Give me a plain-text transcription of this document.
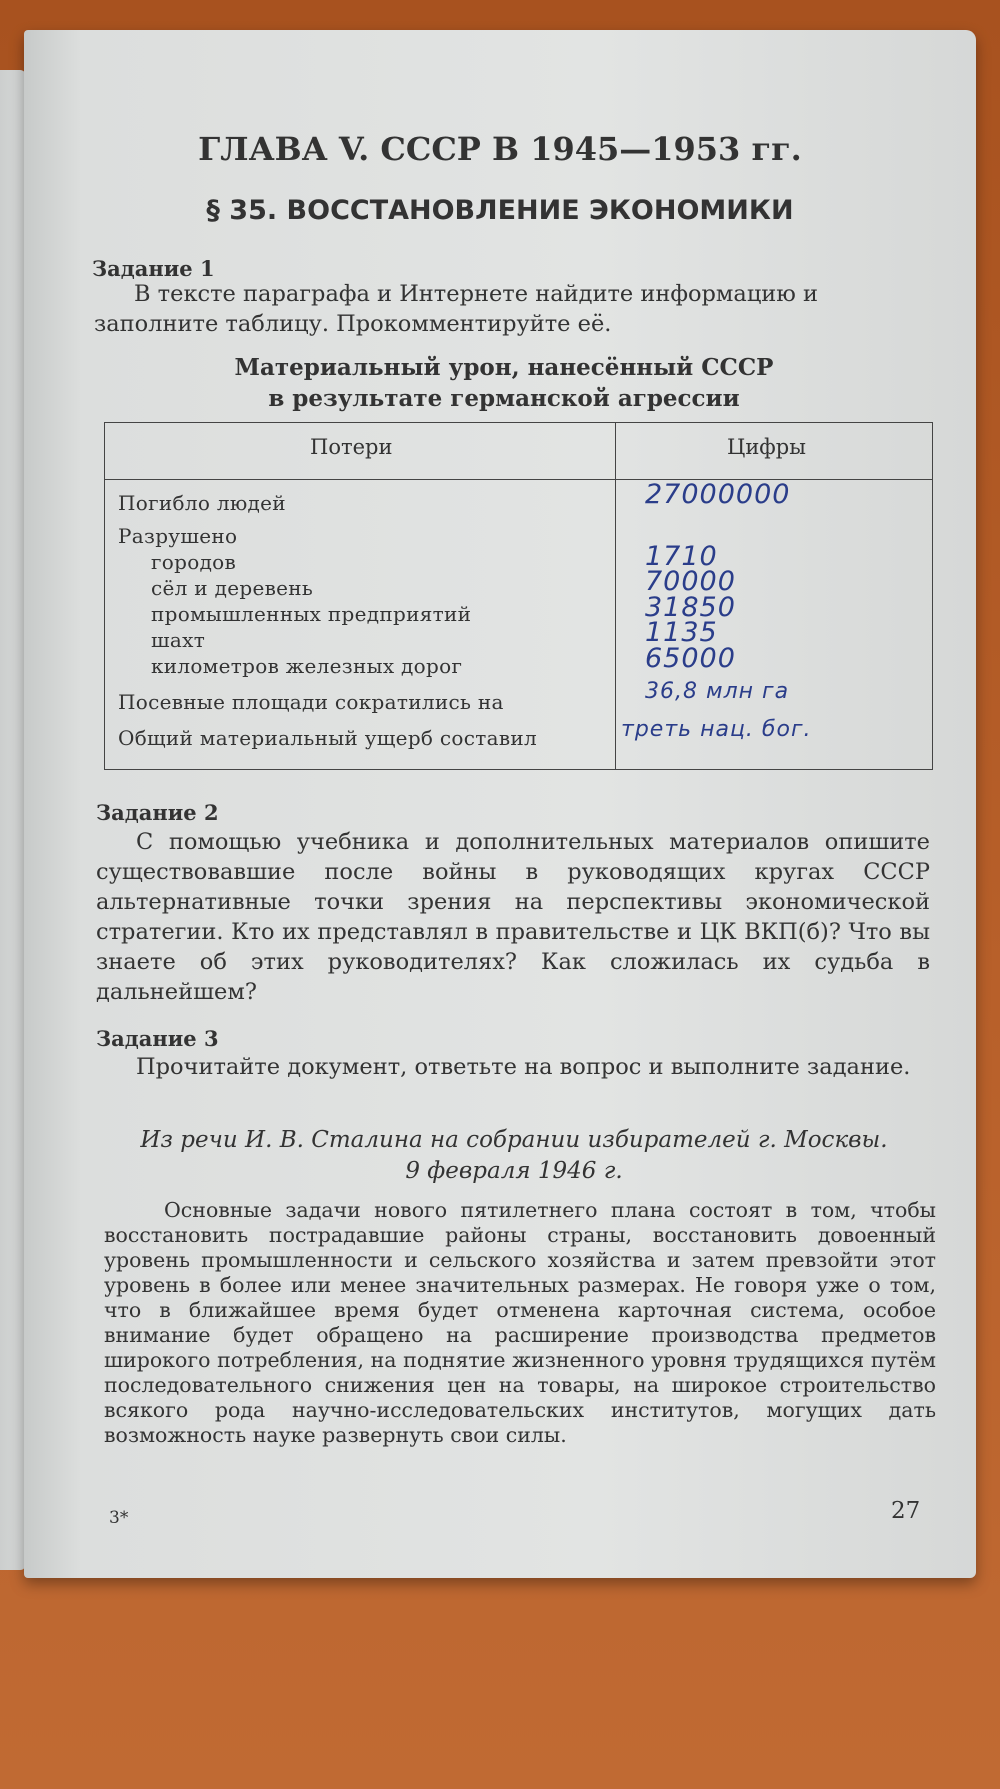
ГЛАВА V. СССР В 1945—1953 гг.
§ 35. ВОССТАНОВЛЕНИЕ ЭКОНОМИКИ
Задание 1
В тексте параграфа и Интернете найдите информацию и заполните таблицу. Прокомментируйте её.
Материальный урон, нанесённый СССР
в результате германской агрессии
Потери	Цифры
Погибло людей	27000000
Разрушено
городов	1710
сёл и деревень	70000
промышленных предприятий	31850
шахт	1135
километров железных дорог	65000
Посевные площади сократились на	36,8 млн га
Общий материальный ущерб составил	треть нац. бог.
Задание 2
С помощью учебника и дополнительных материалов опишите существовавшие после войны в руководящих кругах СССР альтернативные точки зрения на перспективы экономической стратегии. Кто их представлял в правительстве и ЦК ВКП(б)? Что вы знаете об этих руководителях? Как сложилась их судьба в дальнейшем?
Задание 3
Прочитайте документ, ответьте на вопрос и выполните задание.
Из речи И. В. Сталина на собрании избирателей г. Москвы.
9 февраля 1946 г.
Основные задачи нового пятилетнего плана состоят в том, чтобы восстановить пострадавшие районы страны, восстановить довоенный уровень промышленности и сельского хозяйства и затем превзойти этот уровень в более или менее значительных размерах. Не говоря уже о том, что в ближайшее время будет отменена карточная система, особое внимание будет обращено на расширение производства предметов широкого потребления, на поднятие жизненного уровня трудящихся путём последовательного снижения цен на товары, на широкое строительство всякого рода научно-исследовательских институтов, могущих дать возможность науке развернуть свои силы.
3*	27
